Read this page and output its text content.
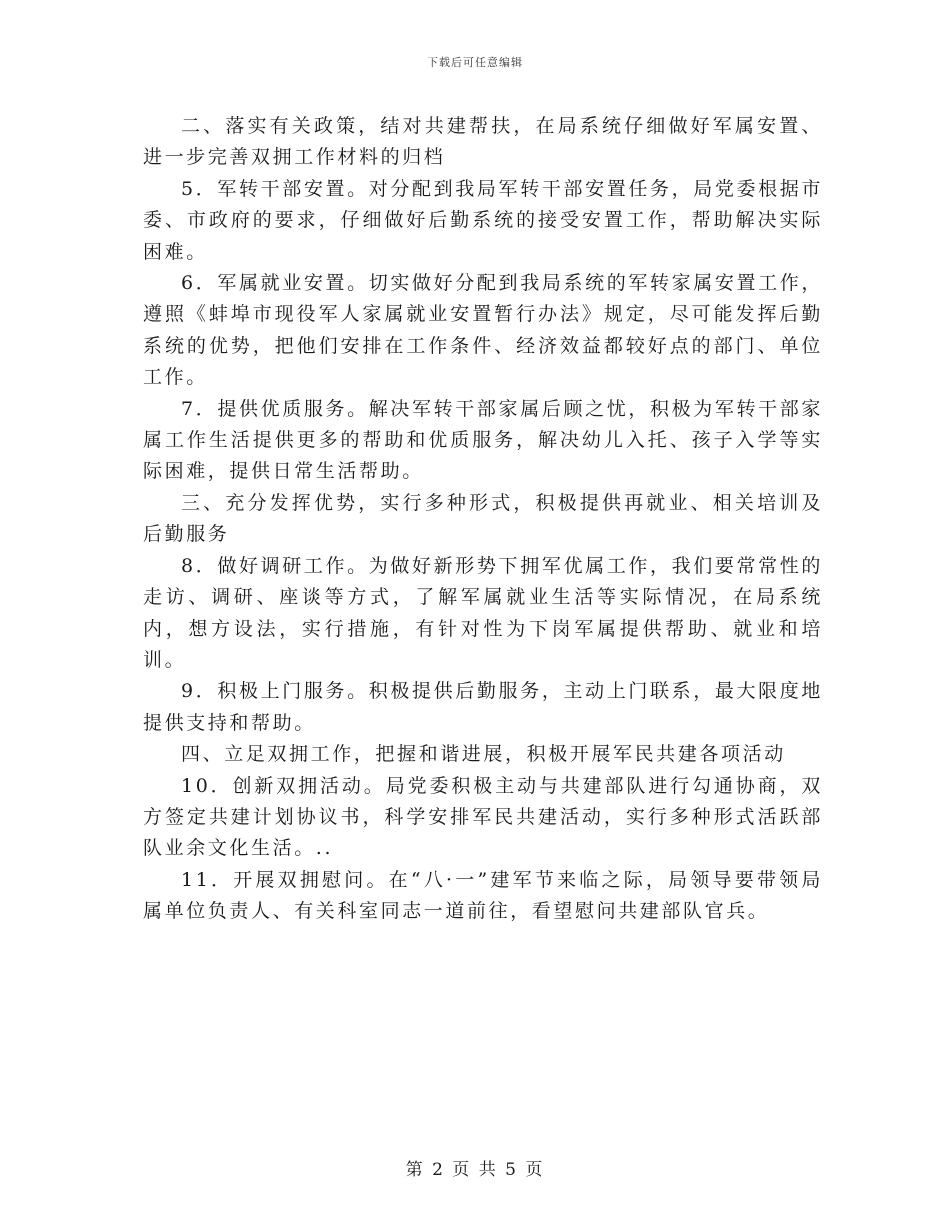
下载后可任意编辑

二、落实有关政策，结对共建帮扶，在局系统仔细做好军属安置、进一步完善双拥工作材料的归档

5．军转干部安置。对分配到我局军转干部安置任务，局党委根据市委、市政府的要求，仔细做好后勤系统的接受安置工作，帮助解决实际困难。

6．军属就业安置。切实做好分配到我局系统的军转家属安置工作，遵照《蚌埠市现役军人家属就业安置暂行办法》规定，尽可能发挥后勤系统的优势，把他们安排在工作条件、经济效益都较好点的部门、单位工作。

7．提供优质服务。解决军转干部家属后顾之忧，积极为军转干部家属工作生活提供更多的帮助和优质服务，解决幼儿入托、孩子入学等实际困难，提供日常生活帮助。

三、充分发挥优势，实行多种形式，积极提供再就业、相关培训及后勤服务

8．做好调研工作。为做好新形势下拥军优属工作，我们要常常性的走访、调研、座谈等方式，了解军属就业生活等实际情况，在局系统内，想方设法，实行措施，有针对性为下岗军属提供帮助、就业和培训。

9．积极上门服务。积极提供后勤服务，主动上门联系，最大限度地提供支持和帮助。

四、立足双拥工作，把握和谐进展，积极开展军民共建各项活动

10．创新双拥活动。局党委积极主动与共建部队进行勾通协商，双方签定共建计划协议书，科学安排军民共建活动，实行多种形式活跃部队业余文化生活。..

11．开展双拥慰问。在“八·一”建军节来临之际，局领导要带领局属单位负责人、有关科室同志一道前往，看望慰问共建部队官兵。

第 2 页 共 5 页
